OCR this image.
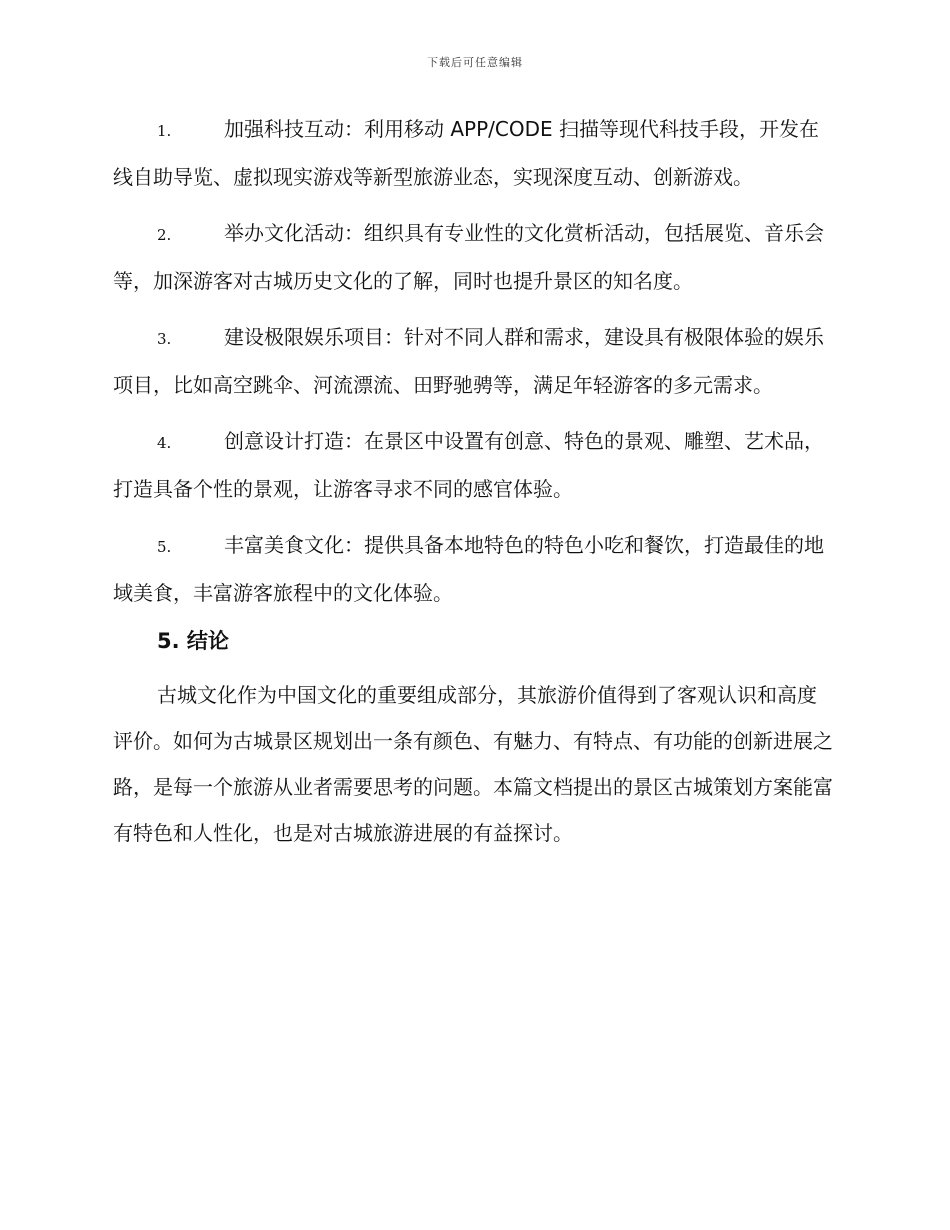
下载后可任意编辑
1.	加强科技互动：利用移动 APP/CODE 扫描等现代科技手段，开发在线自助导览、虚拟现实游戏等新型旅游业态，实现深度互动、创新游戏。
2.	举办文化活动：组织具有专业性的文化赏析活动，包括展览、音乐会等，加深游客对古城历史文化的了解，同时也提升景区的知名度。
3.	建设极限娱乐项目：针对不同人群和需求，建设具有极限体验的娱乐项目，比如高空跳伞、河流漂流、田野驰骋等，满足年轻游客的多元需求。
4.	创意设计打造：在景区中设置有创意、特色的景观、雕塑、艺术品，打造具备个性的景观，让游客寻求不同的感官体验。
5.	丰富美食文化：提供具备本地特色的特色小吃和餐饮，打造最佳的地域美食，丰富游客旅程中的文化体验。
5. 结论
古城文化作为中国文化的重要组成部分，其旅游价值得到了客观认识和高度评价。如何为古城景区规划出一条有颜色、有魅力、有特点、有功能的创新进展之路，是每一个旅游从业者需要思考的问题。本篇文档提出的景区古城策划方案能富有特色和人性化，也是对古城旅游进展的有益探讨。
